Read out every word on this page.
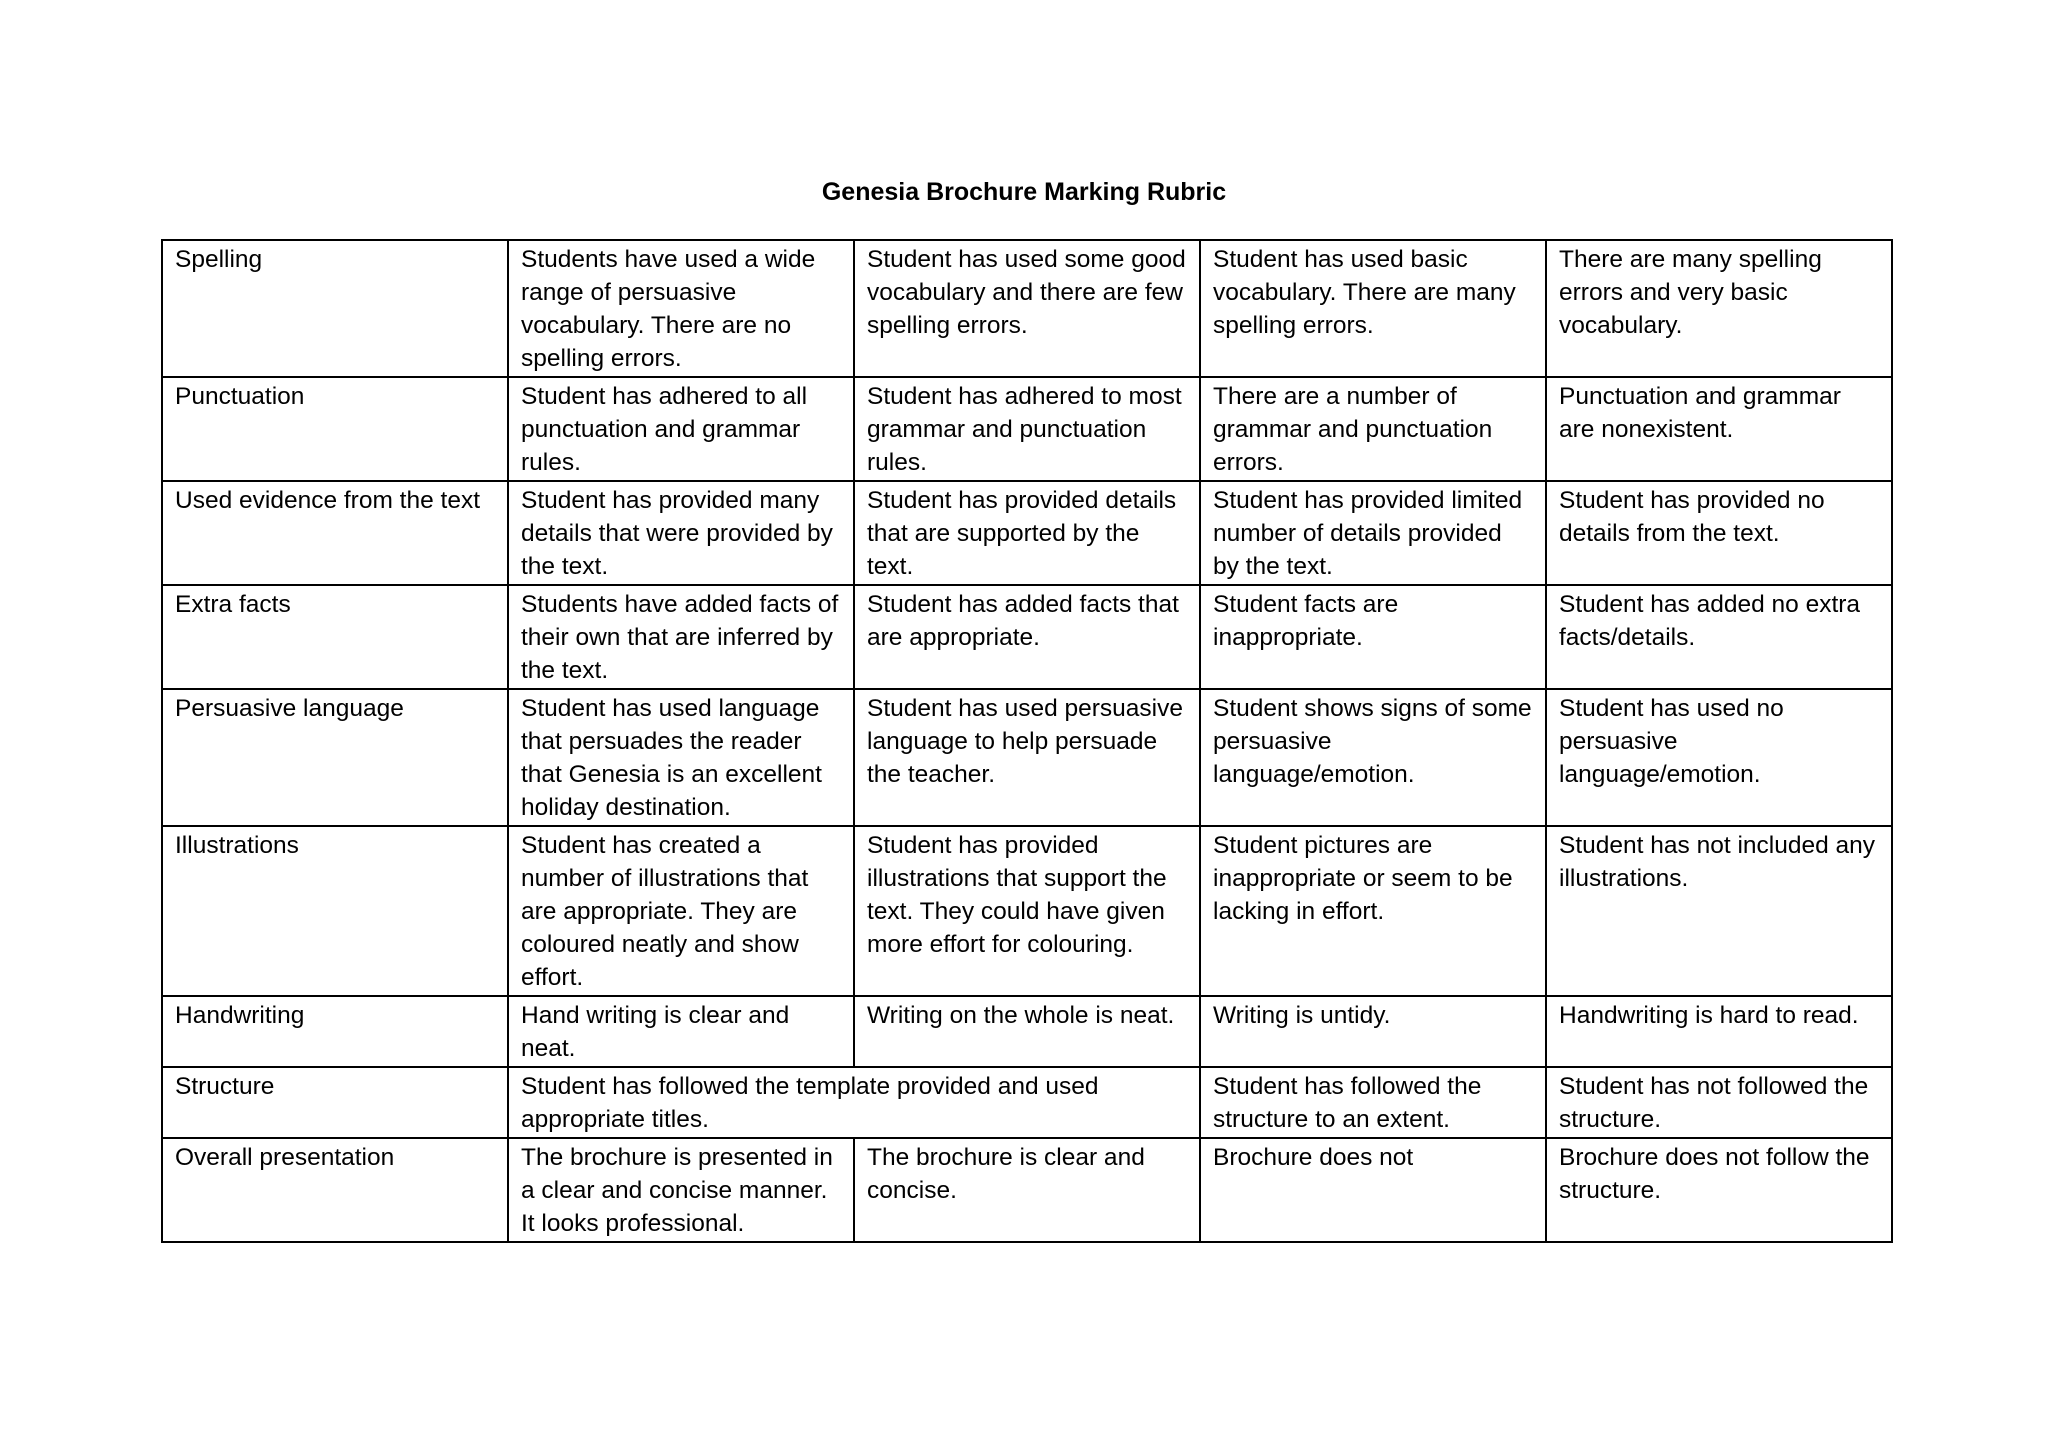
Genesia Brochure Marking Rubric
Spelling	Students have used a wide range of persuasive vocabulary. There are no spelling errors.	Student has used some good vocabulary and there are few spelling errors.	Student has used basic vocabulary. There are many spelling errors.	There are many spelling errors and very basic vocabulary.
Punctuation	Student has adhered to all punctuation and grammar rules.	Student has adhered to most grammar and punctuation rules.	There are a number of grammar and punctuation errors.	Punctuation and grammar are nonexistent.
Used evidence from the text	Student has provided many details that were provided by the text.	Student has provided details that are supported by the text.	Student has provided limited number of details provided by the text.	Student has provided no details from the text.
Extra facts	Students have added facts of their own that are inferred by the text.	Student has added facts that are appropriate.	Student facts are inappropriate.	Student has added no extra facts/details.
Persuasive language	Student has used language that persuades the reader that Genesia is an excellent holiday destination.	Student has used persuasive language to help persuade the teacher.	Student shows signs of some persuasive language/emotion.	Student has used no persuasive language/emotion.
Illustrations	Student has created a number of illustrations that are appropriate. They are coloured neatly and show effort.	Student has provided illustrations that support the text. They could have given more effort for colouring.	Student pictures are inappropriate or seem to be lacking in effort.	Student has not included any illustrations.
Handwriting	Hand writing is clear and neat.	Writing on the whole is neat.	Writing is untidy.	Handwriting is hard to read.
Structure	Student has followed the template provided and used appropriate titles.		Student has followed the structure to an extent.	Student has not followed the structure.
Overall presentation	The brochure is presented in a clear and concise manner. It looks professional.	The brochure is clear and concise.	Brochure does not	Brochure does not follow the structure.
